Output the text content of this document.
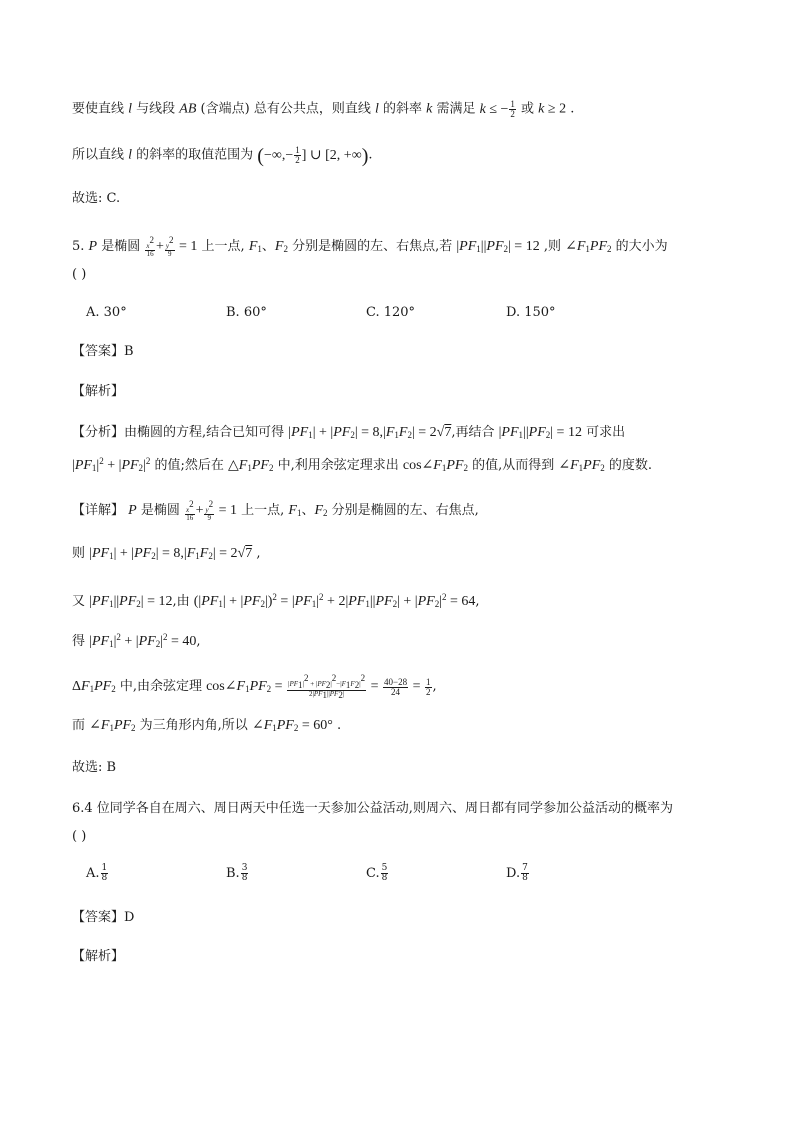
要使直线 l 与线段 AB (含端点) 总有公共点，则直线 l 的斜率 k 需满足 k ≤ − $\frac{1}{2}$ 或 k ≥ 2 .
所以直线 l 的斜率的取值范围为 (−∞,− $\frac{1}{2}$ ] ∪ [2, +∞).
故选: C.
5. P 是椭圆 $\frac{x^2}{16} + \frac{y^2}{9} = 1$ 上一点, $F_1$、$F_2$ 分别是椭圆的左、右焦点,若 $|PF_1||PF_2| = 12$ ,则 $\angle F_1PF_2$ 的大小为
( )
A. 30°	B. 60°	C. 120°	D. 150°
【答案】B
【解析】
【分析】由椭圆的方程,结合已知可得 $|PF_1| + |PF_2| = 8,|F_1F_2| = 2√7$,再结合 $|PF_1||PF_2| = 12$ 可求出
$|PF_1|^2 + |PF_2|^2$ 的值;然后在 $\triangle F_1PF_2$ 中,利用余弦定理求出 $\cos\angle F_1PF_2$ 的值,从而得到 $\angle F_1PF_2$ 的度数.
【详解】 P 是椭圆 $\frac{x^2}{16} + \frac{y^2}{9} = 1$ 上一点, $F_1$、$F_2$ 分别是椭圆的左、右焦点,
则 $|PF_1| + |PF_2| = 8,|F_1F_2| = 2√7$ ,
又 $|PF_1||PF_2| = 12$,由 $(|PF_1| + |PF_2|)^2 = |PF_1|^2 + 2|PF_1||PF_2| + |PF_2|^2 = 64$,
得 $|PF_1|^2 + |PF_2|^2 = 40$,
$\Delta F_1PF_2$ 中,由余弦定理 $\cos\angle F_1PF_2 = \frac{|PF_1|^2 + |PF_2|^2-|F_1F_2|^2}{2|PF_1||PF_2|} = \frac{40-28}{24} = \frac{1}{2}$ ,
而 $\angle F_1PF_2$ 为三角形内角,所以 $\angle F_1PF_2 = 60^\circ$ .
故选: B
6.4 位同学各自在周六、周日两天中任选一天参加公益活动,则周六、周日都有同学参加公益活动的概率为
( )
A. $\frac{1}{8}$	B. $\frac{3}{8}$	C. $\frac{5}{8}$	D. $\frac{7}{8}$
【答案】D
【解析】
